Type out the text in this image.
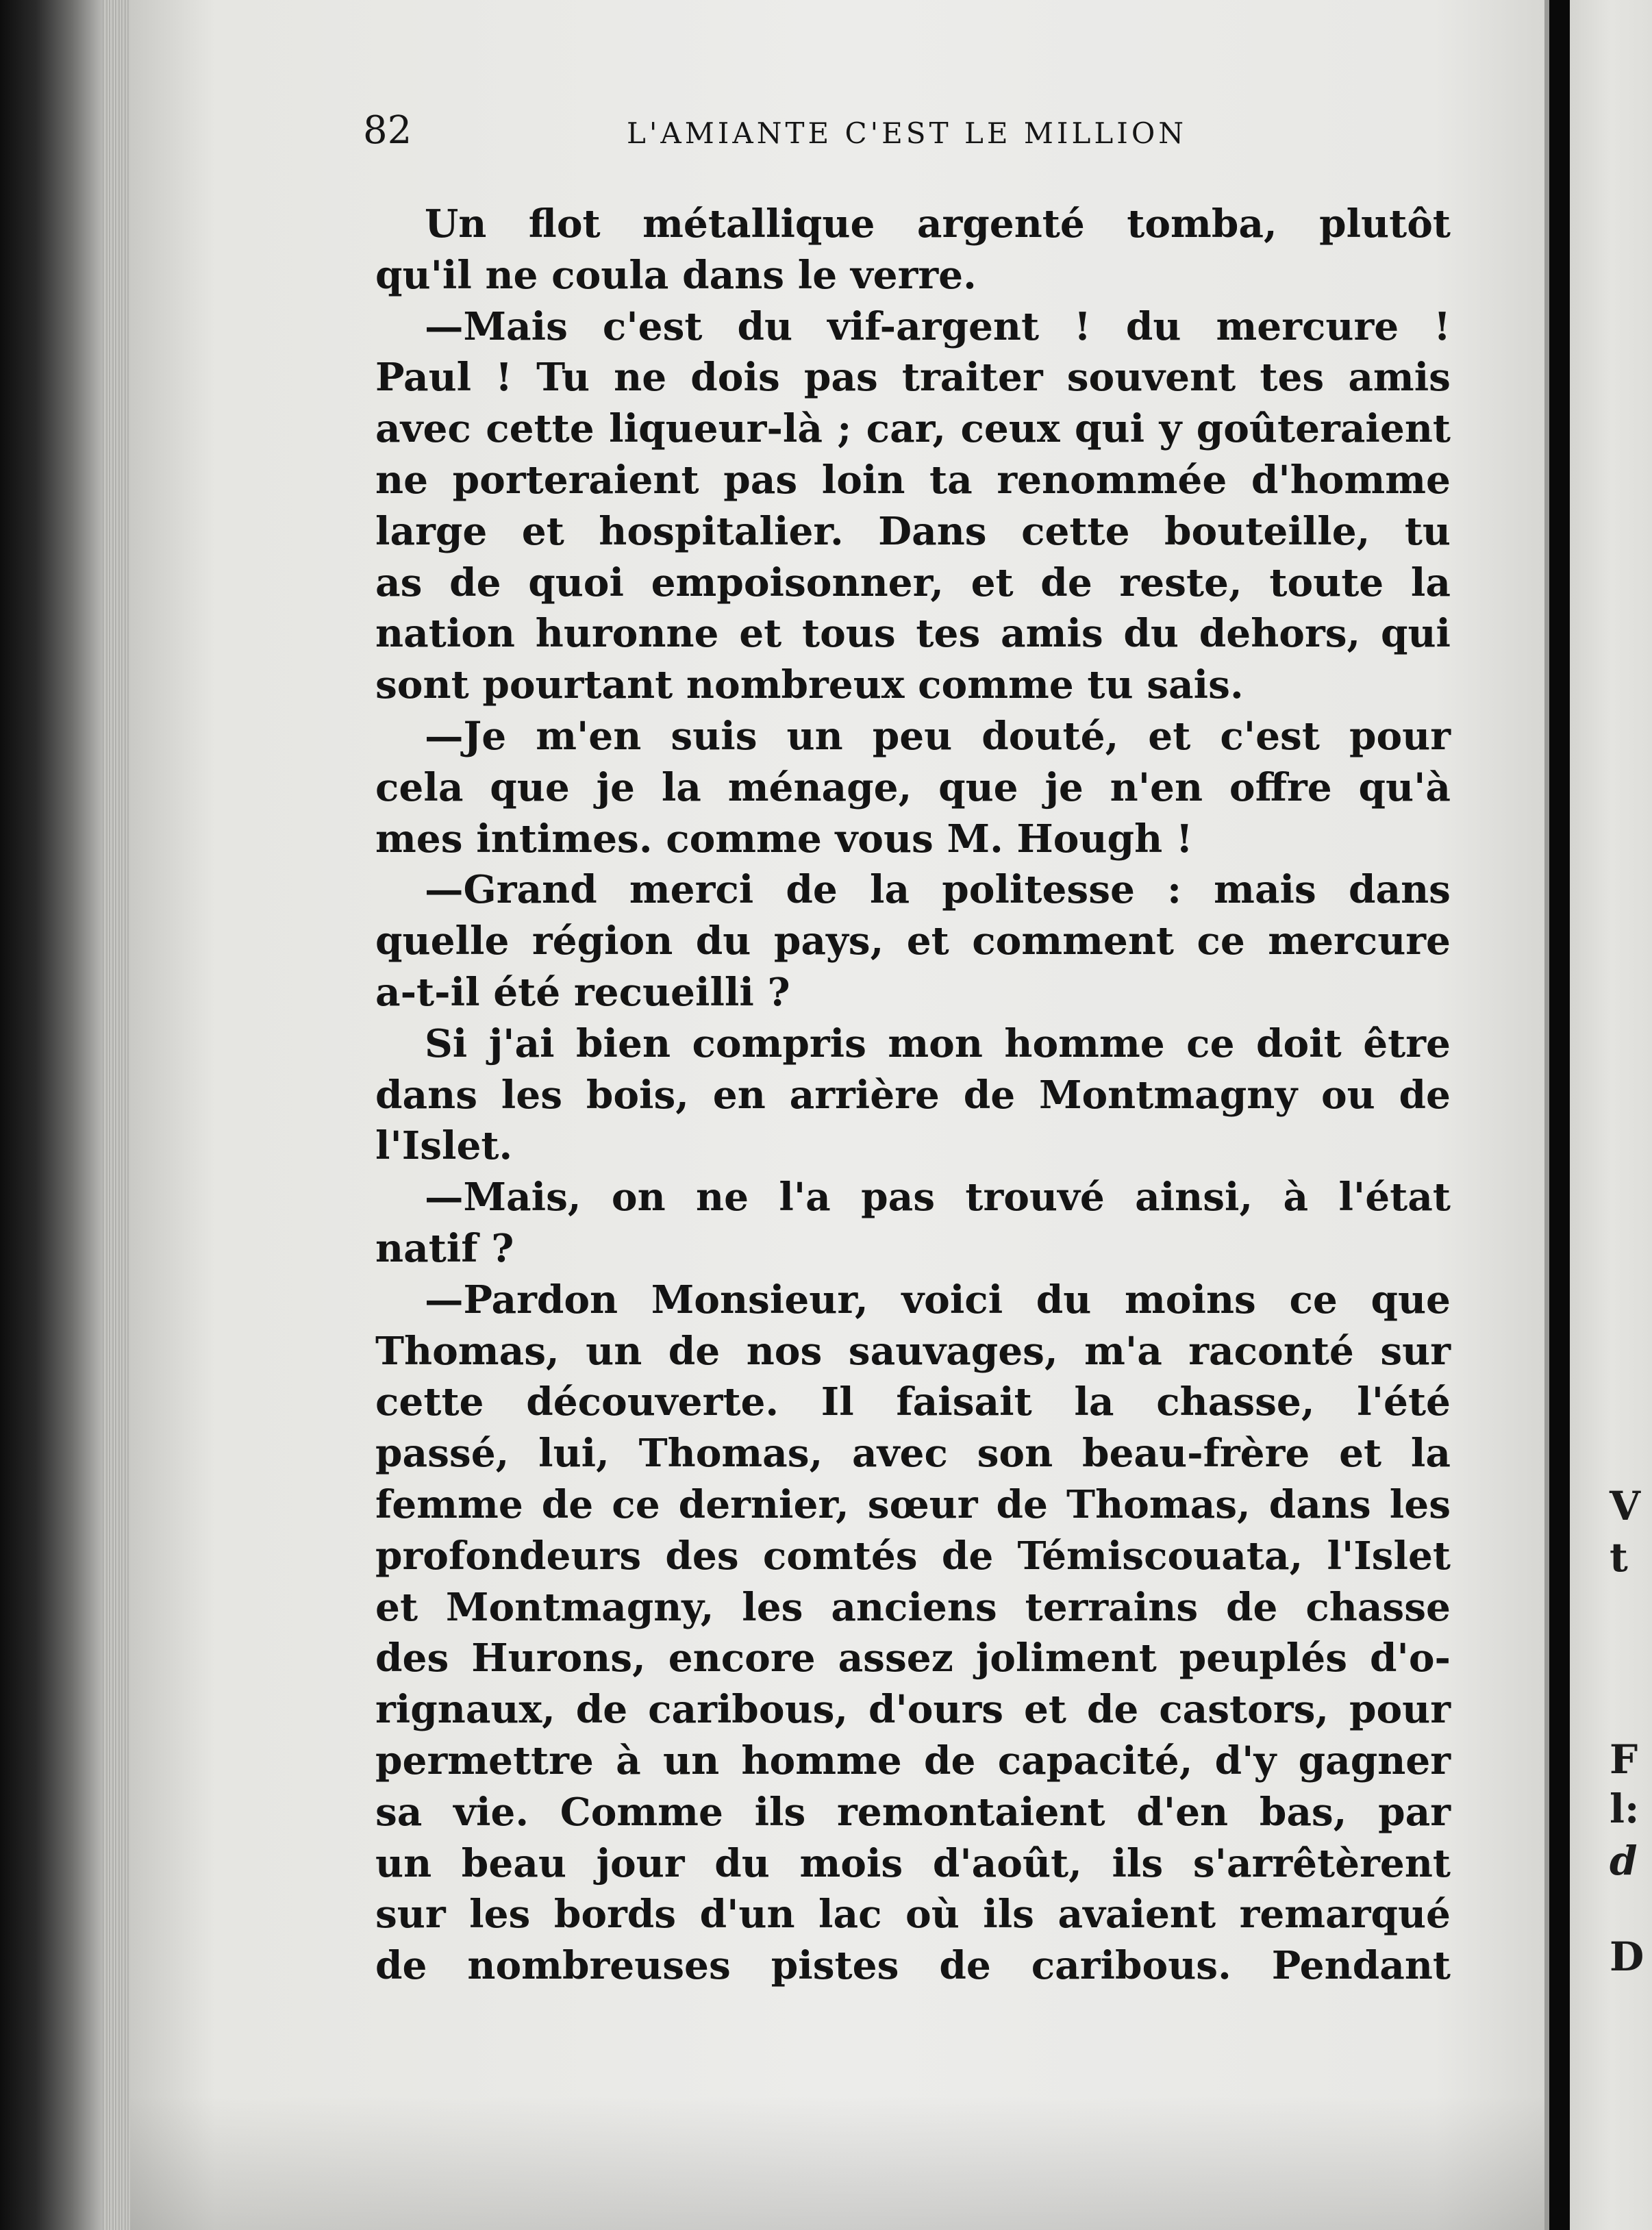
V
t
F
l:
d
D
82	L'AMIANTE C'EST LE MILLION
Un flot métallique argenté tomba, plutôt
qu'il ne coula dans le verre.
—Mais c'est du vif-argent ! du mercure !
Paul ! Tu ne dois pas traiter souvent tes amis
avec cette liqueur-là ; car, ceux qui y goûteraient
ne porteraient pas loin ta renommée d'homme
large et hospitalier. Dans cette bouteille, tu
as de quoi empoisonner, et de reste, toute la
nation huronne et tous tes amis du dehors, qui
sont pourtant nombreux comme tu sais.
—Je m'en suis un peu douté, et c'est pour
cela que je la ménage, que je n'en offre qu'à
mes intimes. comme vous M. Hough !
—Grand merci de la politesse : mais dans
quelle région du pays, et comment ce mercure
a-t-il été recueilli ?
Si j'ai bien compris mon homme ce doit être
dans les bois, en arrière de Montmagny ou de
l'Islet.
—Mais, on ne l'a pas trouvé ainsi, à l'état
natif ?
—Pardon Monsieur, voici du moins ce que
Thomas, un de nos sauvages, m'a raconté sur
cette découverte. Il faisait la chasse, l'été
passé, lui, Thomas, avec son beau-frère et la
femme de ce dernier, sœur de Thomas, dans les
profondeurs des comtés de Témiscouata, l'Islet
et Montmagny, les anciens terrains de chasse
des Hurons, encore assez joliment peuplés d'o-
rignaux, de caribous, d'ours et de castors, pour
permettre à un homme de capacité, d'y gagner
sa vie. Comme ils remontaient d'en bas, par
un beau jour du mois d'août, ils s'arrêtèrent
sur les bords d'un lac où ils avaient remarqué
de nombreuses pistes de caribous. Pendant
